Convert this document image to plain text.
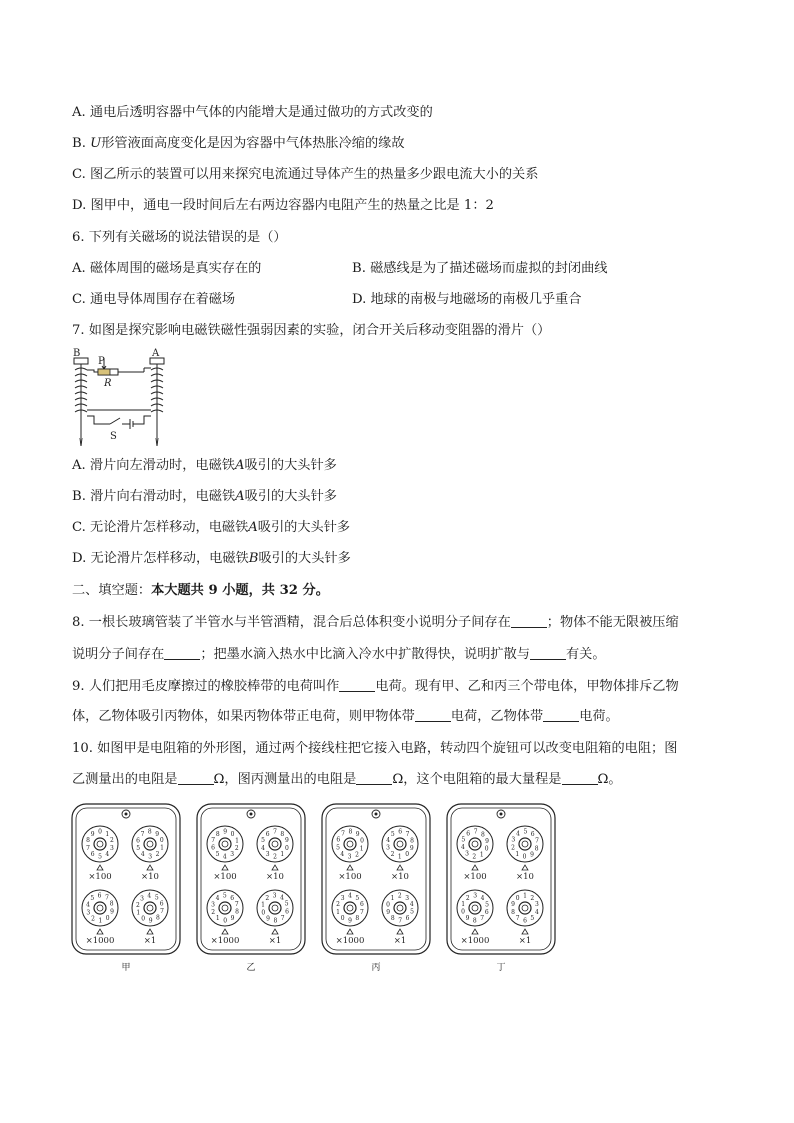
A. 通电后透明容器中气体的内能增大是通过做功的方式改变的
B. U形管液面高度变化是因为容器中气体热胀冷缩的缘故
C. 图乙所示的装置可以用来探究电流通过导体产生的热量多少跟电流大小的关系
D. 图甲中，通电一段时间后左右两边容器内电阻产生的热量之比是 1：2
6. 下列有关磁场的说法错误的是（）
A. 磁体周围的磁场是真实存在的	B. 磁感线是为了描述磁场而虚拟的封闭曲线
C. 通电导体周围存在着磁场	D. 地球的南极与地磁场的南极几乎重合
7. 如图是探究影响电磁铁磁性强弱因素的实验，闭合开关后移动变阻器的滑片（）
B	A
P
R
S
A. 滑片向左滑动时，电磁铁A吸引的大头针多
B. 滑片向右滑动时，电磁铁A吸引的大头针多
C. 无论滑片怎样移动，电磁铁A吸引的大头针多
D. 无论滑片怎样移动，电磁铁B吸引的大头针多
二、填空题：本大题共 9 小题，共 32 分。
8. 一根长玻璃管装了半管水与半管酒精，混合后总体积变小说明分子间存在	；物体不能无限被压缩
说明分子间存在	；把墨水滴入热水中比滴入冷水中扩散得快，说明扩散与	有关。
9. 人们把用毛皮摩擦过的橡胶棒带的电荷叫作	电荷。现有甲、乙和丙三个带电体，甲物体排斥乙物
体，乙物体吸引丙物体，如果丙物体带正电荷，则甲物体带	电荷，乙物体带	电荷。
10. 如图甲是电阻箱的外形图，通过两个接线柱把它接入电路，转动四个旋钮可以改变电阻箱的电阻；图
乙测量出的电阻是	Ω，图丙测量出的电阻是	Ω，这个电阻箱的最大量程是	Ω。
0 1
2
3
4
5
6
7
8
9
×100
0
1
2
3
4
5
6
7 8 9
×10
0
1
2
3
4
5 6 7
8
9
×1000
0
1
2
3 4 5
6
7
8
9
×1
甲
0
1
2
3
4
5
6
7
8 9
×100
0
1
2
3
4
5
6 7 8
9
×10
0
1
2
3
4 5 6
7
8
9
×1000
0
1
2 3 4
5
6
7
8
9
×1
乙
0
1
2
3
4
5
6
7 8 9
×100
0
1
2
3
4
5 6 7
8
9
×10
0
1
2
3 4 5
6
7
8
9
×1000
0
1 2 3
4
5
6
7
8
9
×1
丙
0
1
2
3
4
5
6 7 8
9
×100
0
1
2
3
4 5 6
7
8
9
×10
0
1
2 3 4
5
6
7
8
9
×1000
0 1 2
3
4
5
6
7
8
9
×1
丁
